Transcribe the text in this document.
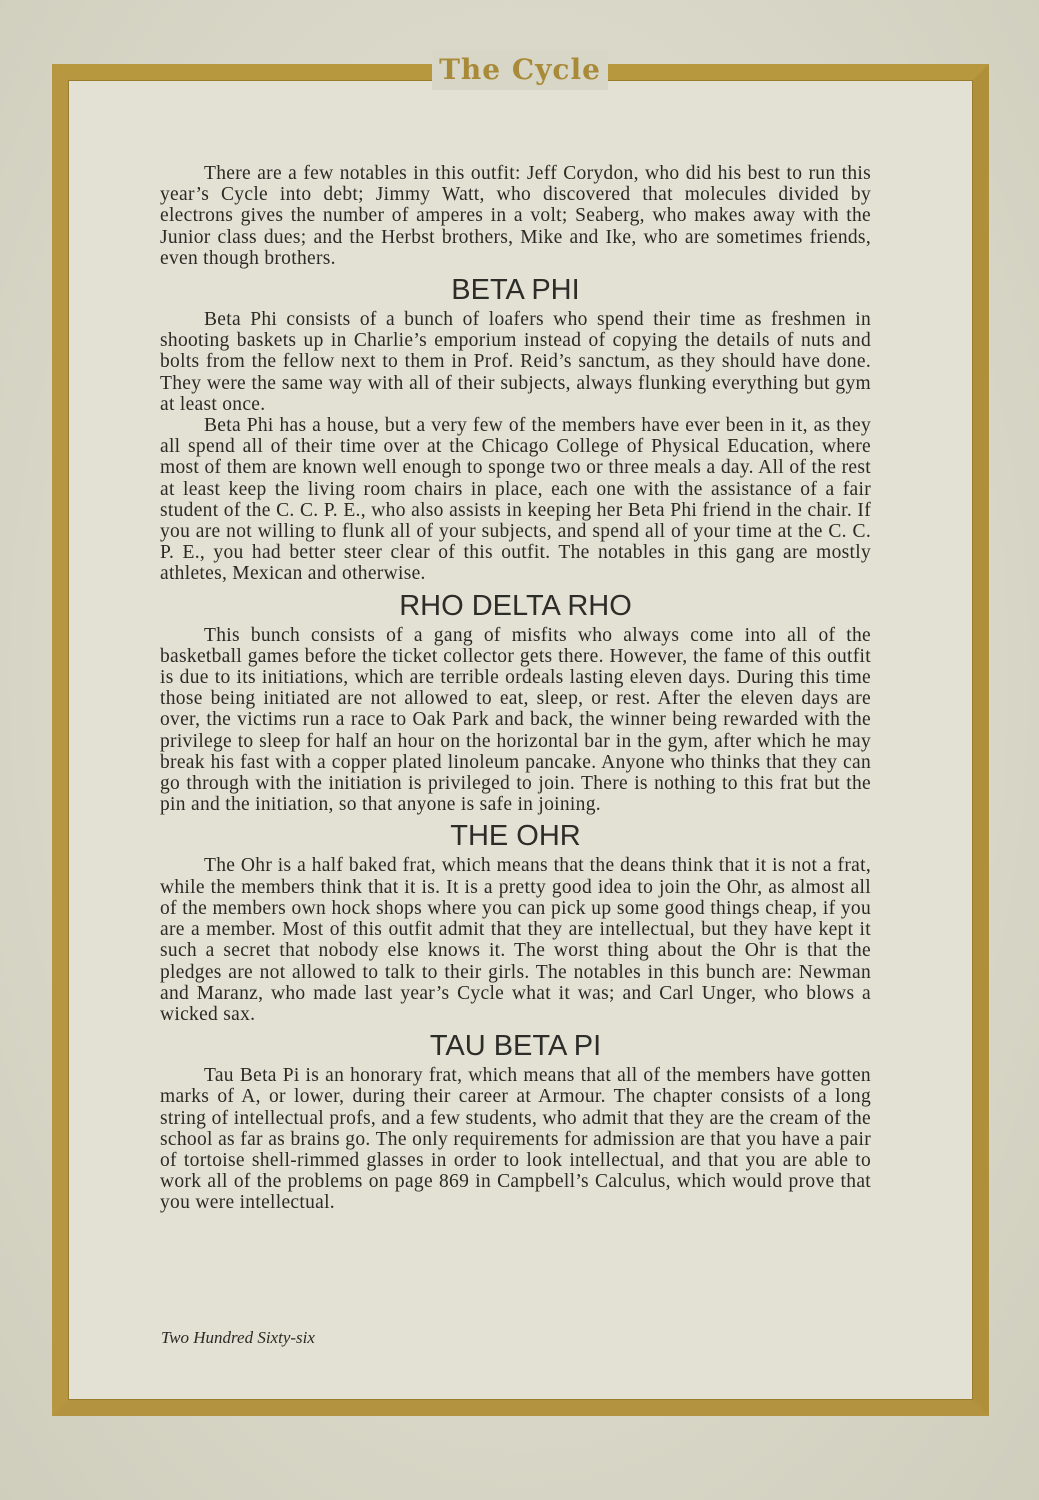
The Cycle

There are a few notables in this outfit: Jeff Corydon, who did his best to run this year’s Cycle into debt; Jimmy Watt, who discovered that molecules divided by electrons gives the number of amperes in a volt; Seaberg, who makes away with the Junior class dues; and the Herbst brothers, Mike and Ike, who are sometimes friends, even though brothers.

BETA PHI

Beta Phi consists of a bunch of loafers who spend their time as freshmen in shooting baskets up in Charlie’s emporium instead of copying the details of nuts and bolts from the fellow next to them in Prof. Reid’s sanctum, as they should have done. They were the same way with all of their subjects, always flunking everything but gym at least once.

Beta Phi has a house, but a very few of the members have ever been in it, as they all spend all of their time over at the Chicago College of Physical Education, where most of them are known well enough to sponge two or three meals a day. All of the rest at least keep the living room chairs in place, each one with the assistance of a fair student of the C. C. P. E., who also assists in keeping her Beta Phi friend in the chair. If you are not willing to flunk all of your subjects, and spend all of your time at the C. C. P. E., you had better steer clear of this outfit. The notables in this gang are mostly athletes, Mexican and otherwise.

RHO DELTA RHO

This bunch consists of a gang of misfits who always come into all of the basketball games before the ticket collector gets there. However, the fame of this outfit is due to its initiations, which are terrible ordeals lasting eleven days. During this time those being initiated are not allowed to eat, sleep, or rest. After the eleven days are over, the victims run a race to Oak Park and back, the winner being rewarded with the privilege to sleep for half an hour on the horizontal bar in the gym, after which he may break his fast with a copper plated linoleum pancake. Anyone who thinks that they can go through with the initiation is privileged to join. There is nothing to this frat but the pin and the initiation, so that anyone is safe in joining.

THE OHR

The Ohr is a half baked frat, which means that the deans think that it is not a frat, while the members think that it is. It is a pretty good idea to join the Ohr, as almost all of the members own hock shops where you can pick up some good things cheap, if you are a member. Most of this outfit admit that they are intellectual, but they have kept it such a secret that nobody else knows it. The worst thing about the Ohr is that the pledges are not allowed to talk to their girls. The notables in this bunch are: Newman and Maranz, who made last year’s Cycle what it was; and Carl Unger, who blows a wicked sax.

TAU BETA PI

Tau Beta Pi is an honorary frat, which means that all of the members have gotten marks of A, or lower, during their career at Armour. The chapter consists of a long string of intellectual profs, and a few students, who admit that they are the cream of the school as far as brains go. The only requirements for admission are that you have a pair of tortoise shell-rimmed glasses in order to look intellectual, and that you are able to work all of the problems on page 869 in Campbell’s Calculus, which would prove that you were intellectual.

Two Hundred Sixty-six
